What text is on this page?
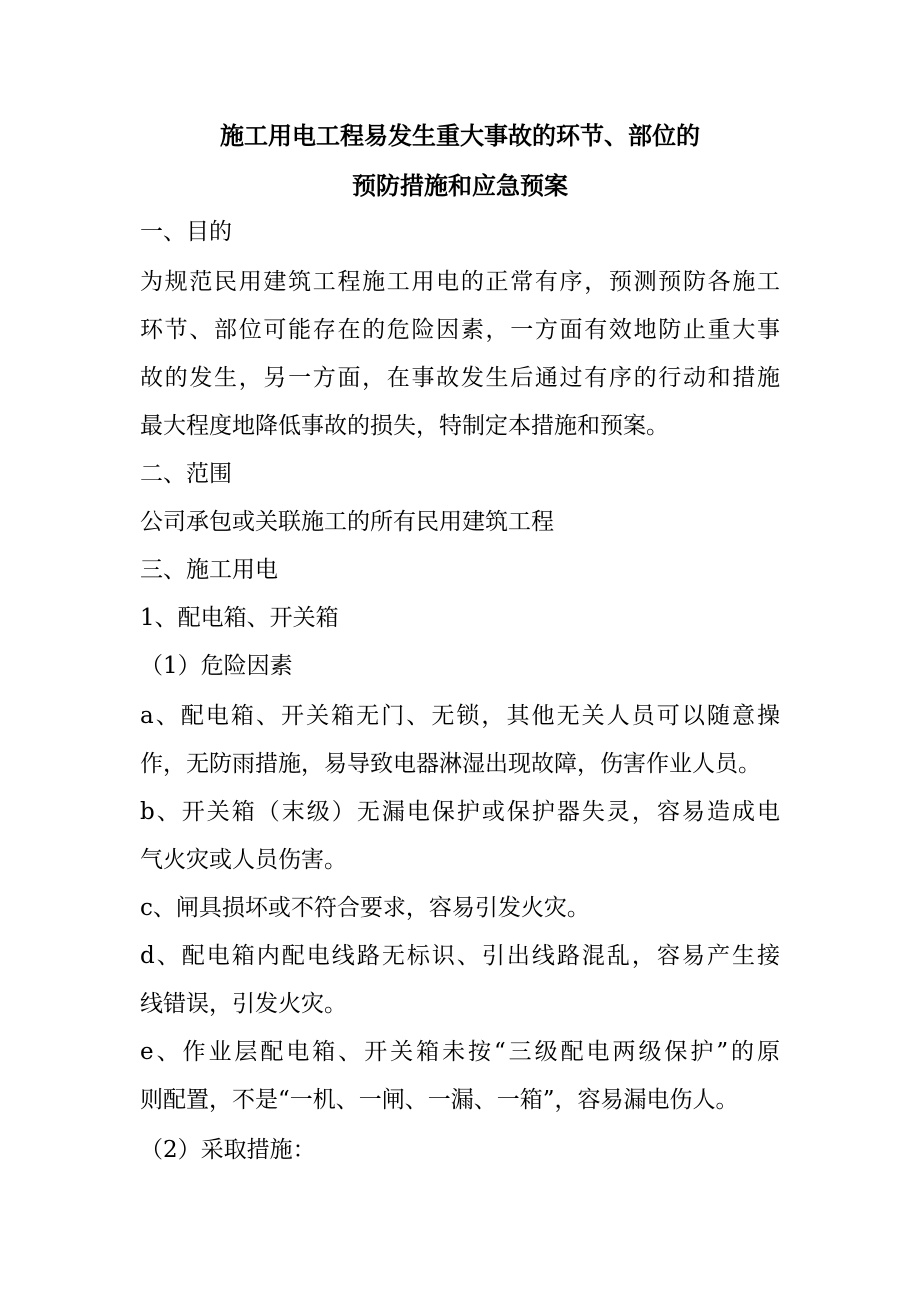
施工用电工程易发生重大事故的环节、部位的
预防措施和应急预案
一、目的
为规范民用建筑工程施工用电的正常有序，预测预防各施工
环节、部位可能存在的危险因素，一方面有效地防止重大事
故的发生，另一方面，在事故发生后通过有序的行动和措施
最大程度地降低事故的损失，特制定本措施和预案。
二、范围
公司承包或关联施工的所有民用建筑工程
三、施工用电
1、配电箱、开关箱
（1）危险因素
a、配电箱、开关箱无门、无锁，其他无关人员可以随意操
作，无防雨措施，易导致电器淋湿出现故障，伤害作业人员。
b、开关箱（末级）无漏电保护或保护器失灵，容易造成电
气火灾或人员伤害。
c、闸具损坏或不符合要求，容易引发火灾。
d、配电箱内配电线路无标识、引出线路混乱，容易产生接
线错误，引发火灾。
e、作业层配电箱、开关箱未按“三级配电两级保护”的原
则配置，不是“一机、一闸、一漏、一箱”，容易漏电伤人。
（2）采取措施：
